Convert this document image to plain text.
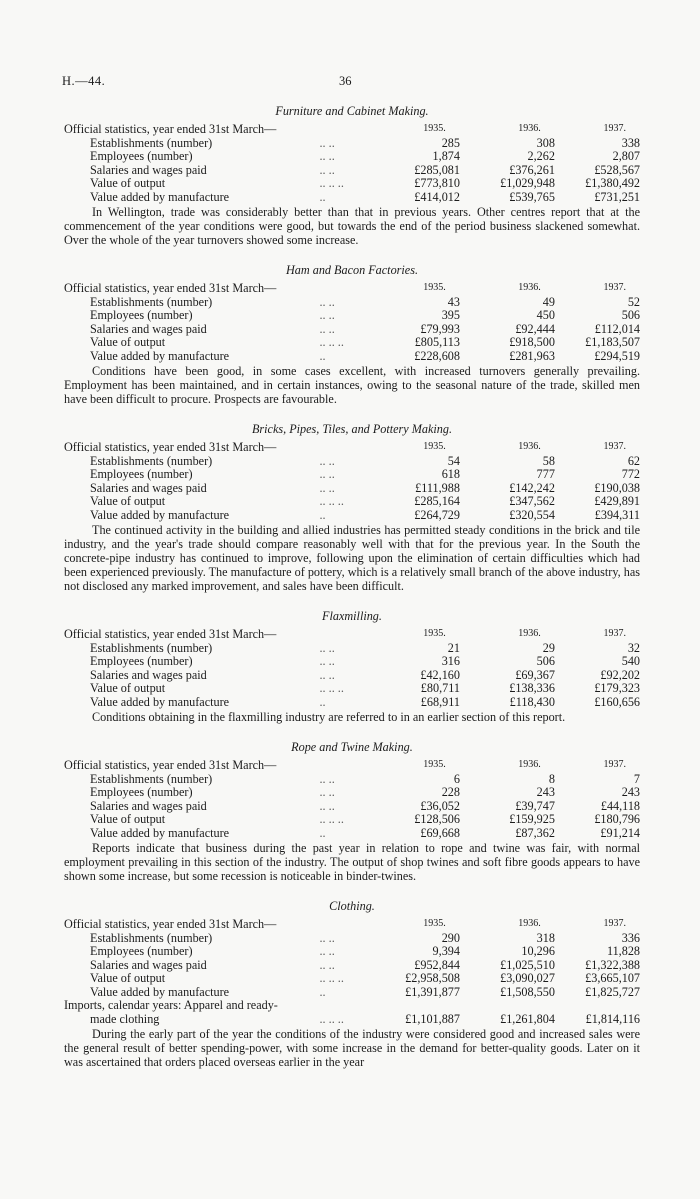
H.—44.	36

Furniture and Cabinet Making.

Official statistics, year ended 31st March—	1935.	1936.	1937.
Establishments (number)	.. ..	285	308	338
Employees (number)	.. ..	1,874	2,262	2,807
Salaries and wages paid	.. ..	£285,081	£376,261	£528,567
Value of output	.. .. ..	£773,810	£1,029,948	£1,380,492
Value added by manufacture	..	£414,012	£539,765	£731,251

In Wellington, trade was considerably better than that in previous years. Other centres report that at the commencement of the year conditions were good, but towards the end of the period business slackened somewhat. Over the whole of the year turnovers showed some increase.

Ham and Bacon Factories.

Official statistics, year ended 31st March—	1935.	1936.	1937.
Establishments (number)	.. ..	43	49	52
Employees (number)	.. ..	395	450	506
Salaries and wages paid	.. ..	£79,993	£92,444	£112,014
Value of output	.. .. ..	£805,113	£918,500	£1,183,507
Value added by manufacture	..	£228,608	£281,963	£294,519

Conditions have been good, in some cases excellent, with increased turnovers generally prevailing. Employment has been maintained, and in certain instances, owing to the seasonal nature of the trade, skilled men have been difficult to procure. Prospects are favourable.

Bricks, Pipes, Tiles, and Pottery Making.

Official statistics, year ended 31st March—	1935.	1936.	1937.
Establishments (number)	.. ..	54	58	62
Employees (number)	.. ..	618	777	772
Salaries and wages paid	.. ..	£111,988	£142,242	£190,038
Value of output	.. .. ..	£285,164	£347,562	£429,891
Value added by manufacture	..	£264,729	£320,554	£394,311

The continued activity in the building and allied industries has permitted steady conditions in the brick and tile industry, and the year's trade should compare reasonably well with that for the previous year. In the South the concrete-pipe industry has continued to improve, following upon the elimination of certain difficulties which had been experienced previously. The manufacture of pottery, which is a relatively small branch of the above industry, has not disclosed any marked improvement, and sales have been difficult.

Flaxmilling.

Official statistics, year ended 31st March—	1935.	1936.	1937.
Establishments (number)	.. ..	21	29	32
Employees (number)	.. ..	316	506	540
Salaries and wages paid	.. ..	£42,160	£69,367	£92,202
Value of output	.. .. ..	£80,711	£138,336	£179,323
Value added by manufacture	..	£68,911	£118,430	£160,656

Conditions obtaining in the flaxmilling industry are referred to in an earlier section of this report.

Rope and Twine Making.

Official statistics, year ended 31st March—	1935.	1936.	1937.
Establishments (number)	.. ..	6	8	7
Employees (number)	.. ..	228	243	243
Salaries and wages paid	.. ..	£36,052	£39,747	£44,118
Value of output	.. .. ..	£128,506	£159,925	£180,796
Value added by manufacture	..	£69,668	£87,362	£91,214

Reports indicate that business during the past year in relation to rope and twine was fair, with normal employment prevailing in this section of the industry. The output of shop twines and soft fibre goods appears to have shown some increase, but some recession is noticeable in binder-twines.

Clothing.

Official statistics, year ended 31st March—	1935.	1936.	1937.
Establishments (number)	.. ..	290	318	336
Employees (number)	.. ..	9,394	10,296	11,828
Salaries and wages paid	.. ..	£952,844	£1,025,510	£1,322,388
Value of output	.. .. ..	£2,958,508	£3,090,027	£3,665,107
Value added by manufacture	..	£1,391,877	£1,508,550	£1,825,727
Imports, calendar years: Apparel and ready-
made clothing	.. .. ..	£1,101,887	£1,261,804	£1,814,116

During the early part of the year the conditions of the industry were considered good and increased sales were the general result of better spending-power, with some increase in the demand for better-quality goods. Later on it was ascertained that orders placed overseas earlier in the year
